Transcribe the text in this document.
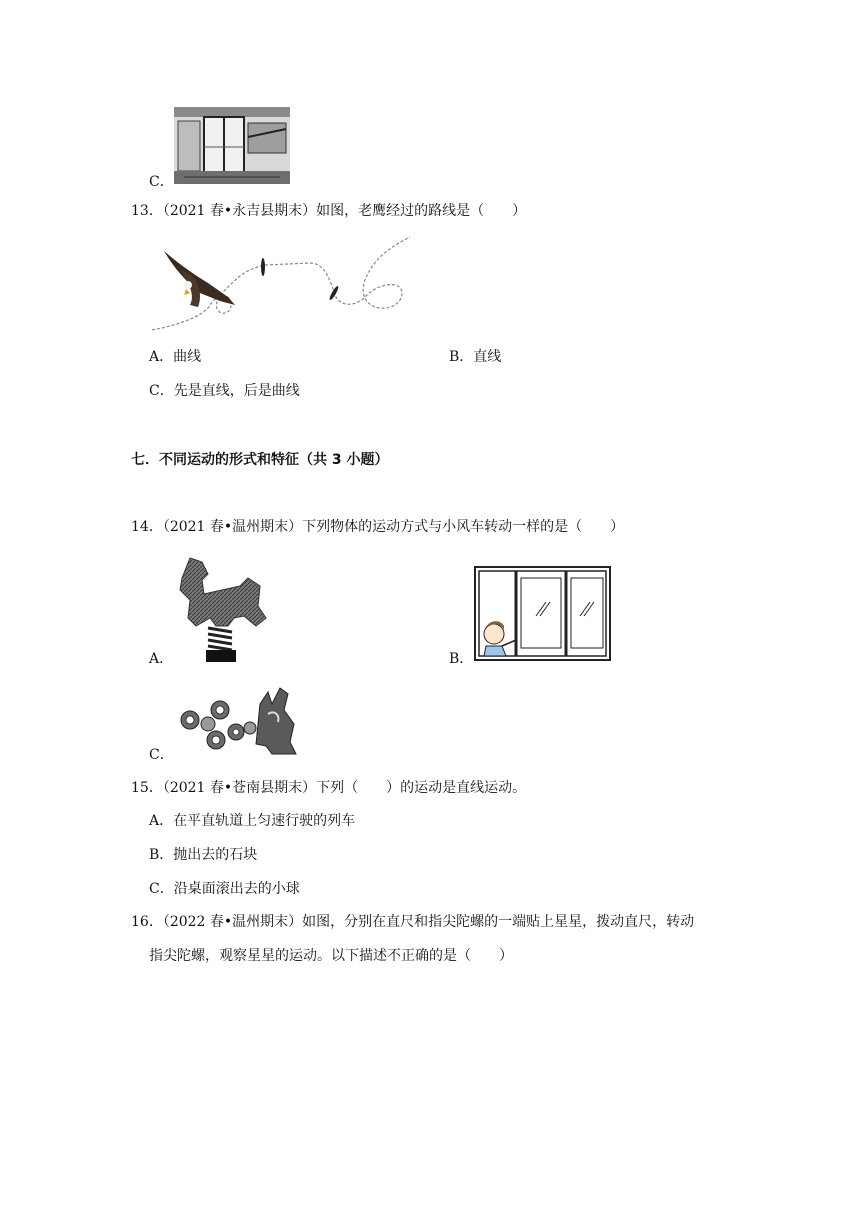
C．
13．（2021 春•永吉县期末）如图，老鹰经过的路线是（　　）
A．曲线	B．直线
C．先是直线，后是曲线
七．不同运动的形式和特征（共 3 小题）
14．（2021 春•温州期末）下列物体的运动方式与小风车转动一样的是（　　）
A．	B．
C．
15．（2021 春•苍南县期末）下列（　　）的运动是直线运动。
A．在平直轨道上匀速行驶的列车
B．抛出去的石块
C．沿桌面滚出去的小球
16．（2022 春•温州期末）如图，分别在直尺和指尖陀螺的一端贴上星星，拨动直尺，转动
指尖陀螺，观察星星的运动。以下描述不正确的是（　　）
